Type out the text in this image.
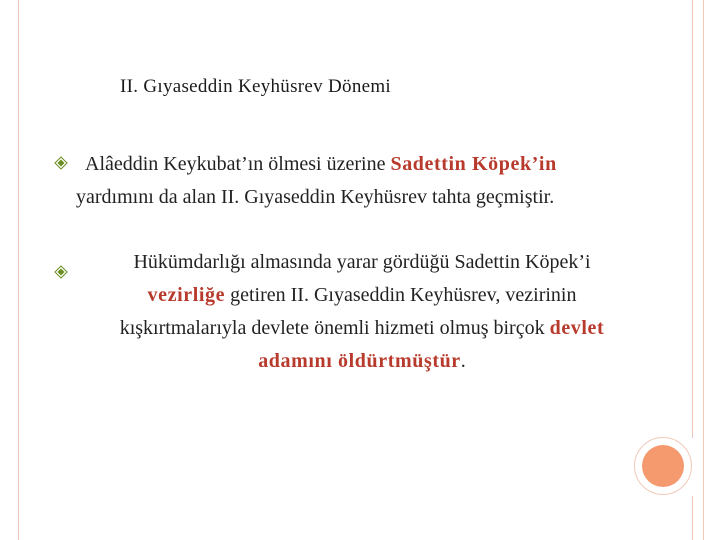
II. Gıyaseddin Keyhüsrev Dönemi
Alâeddin Keykubat’ın ölmesi üzerine Sadettin Köpek’in
yardımını da alan II. Gıyaseddin Keyhüsrev tahta geçmiştir.
Hükümdarlığı almasında yarar gördüğü Sadettin Köpek’i
vezirliğe getiren II. Gıyaseddin Keyhüsrev, vezirinin
kışkırtmalarıyla devlete önemli hizmeti olmuş birçok devlet
adamını öldürtmüştür.
